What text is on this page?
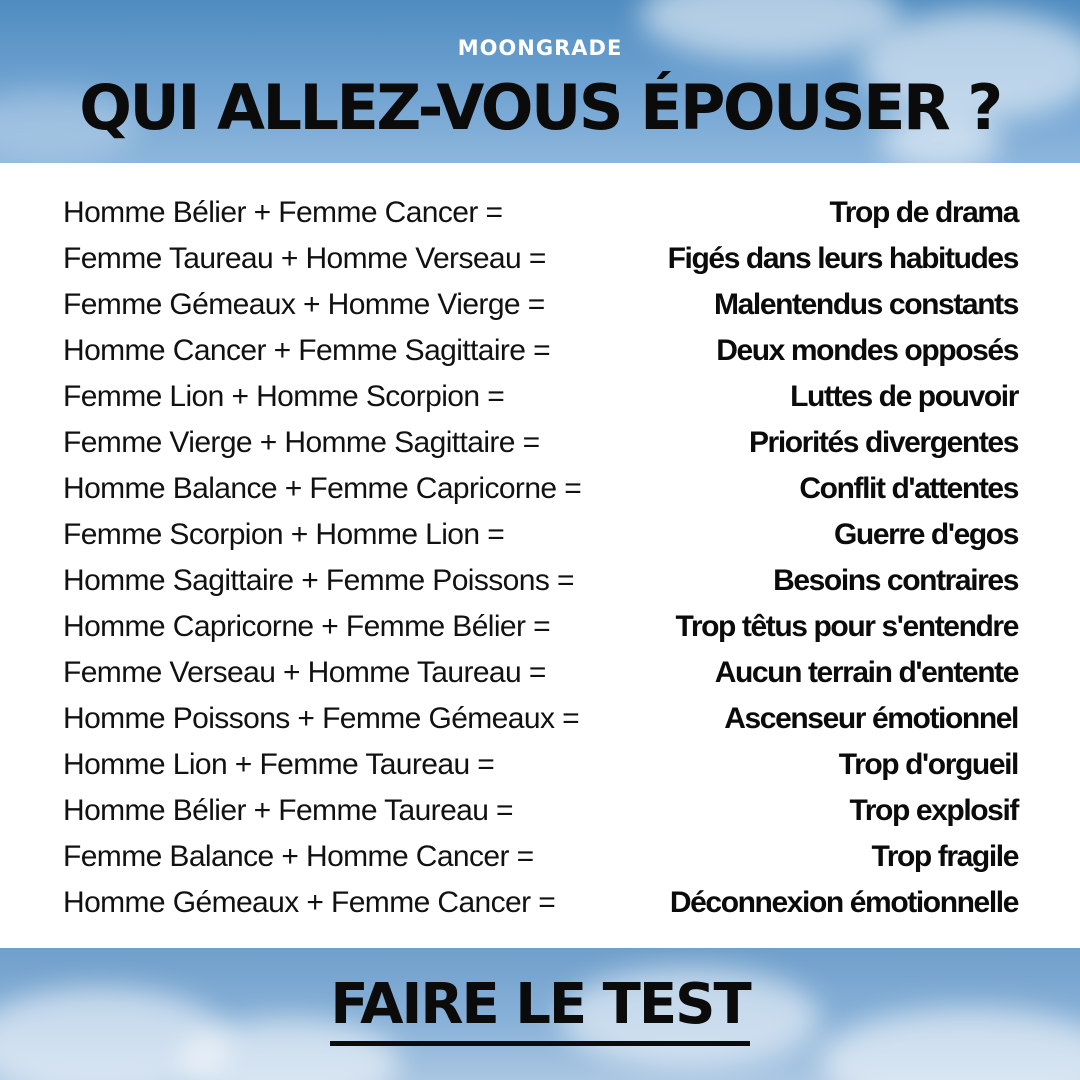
MOONGRADE
QUI ALLEZ-VOUS ÉPOUSER ?
Homme Bélier + Femme Cancer =	Trop de drama
Femme Taureau + Homme Verseau =	Figés dans leurs habitudes
Femme Gémeaux + Homme Vierge =	Malentendus constants
Homme Cancer + Femme Sagittaire =	Deux mondes opposés
Femme Lion + Homme Scorpion =	Luttes de pouvoir
Femme Vierge + Homme Sagittaire =	Priorités divergentes
Homme Balance + Femme Capricorne =	Conflit d'attentes
Femme Scorpion + Homme Lion =	Guerre d'egos
Homme Sagittaire + Femme Poissons =	Besoins contraires
Homme Capricorne + Femme Bélier =	Trop têtus pour s'entendre
Femme Verseau + Homme Taureau =	Aucun terrain d'entente
Homme Poissons + Femme Gémeaux =	Ascenseur émotionnel
Homme Lion + Femme Taureau =	Trop d'orgueil
Homme Bélier + Femme Taureau =	Trop explosif
Femme Balance + Homme Cancer =	Trop fragile
Homme Gémeaux + Femme Cancer =	Déconnexion émotionnelle
FAIRE LE TEST
